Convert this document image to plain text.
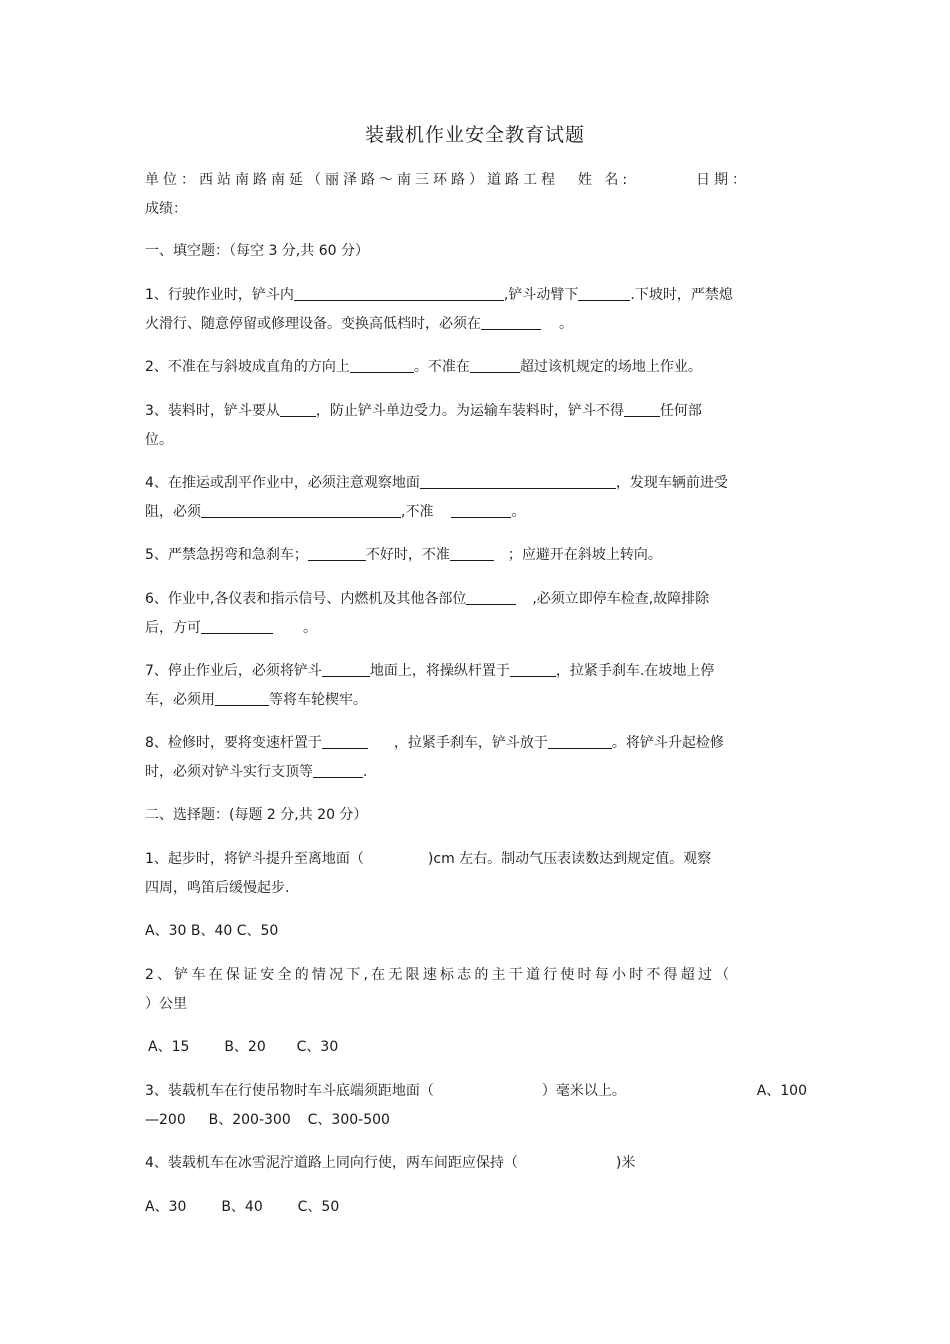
装载机作业安全教育试题
单位：西站南路南延（丽泽路～南三环路）道路工程 姓 名:	日期：
成绩：
一、填空题：（每空 3 分,共 60 分）
1、行驶作业时，铲斗内	,铲斗动臂下	.下坡时，严禁熄
火滑行、随意停留或修理设备。变换高低档时，必须在	。
2、不准在与斜坡成直角的方向上	。不准在	超过该机规定的场地上作业。
3、装料时，铲斗要从	，防止铲斗单边受力。为运输车装料时，铲斗不得	任何部
位。
4、在推运或刮平作业中，必须注意观察地面	，发现车辆前进受
阻，必须	,不准	。
5、严禁急拐弯和急刹车；	不好时，不准	；应避开在斜坡上转向。
6、作业中,各仪表和指示信号、内燃机及其他各部位	,必须立即停车检查,故障排除
后，方可	。
7、停止作业后，必须将铲斗	地面上，将操纵杆置于	，拉紧手刹车.在坡地上停
车，必须用	等将车轮楔牢。
8、检修时，要将变速杆置于	，拉紧手刹车，铲斗放于	。将铲斗升起检修
时，必须对铲斗实行支顶等	.
二、选择题：(每题 2 分,共 20 分）
1、起步时，将铲斗提升至离地面（	)cm 左右。制动气压表读数达到规定值。观察
四周，鸣笛后缓慢起步.
A、30 B、40 C、50
2、铲车在保证安全的情况下,在无限速标志的主干道行使时每小时不得超过（
）公里
A、15 B、20 C、30
3、装载机车在行使吊物时车斗底端须距地面（	）毫米以上。	A、100
—200 B、200-300 C、300-500
4、装载机车在冰雪泥泞道路上同向行使，两车间距应保持（	)米
A、30 B、40 C、50
